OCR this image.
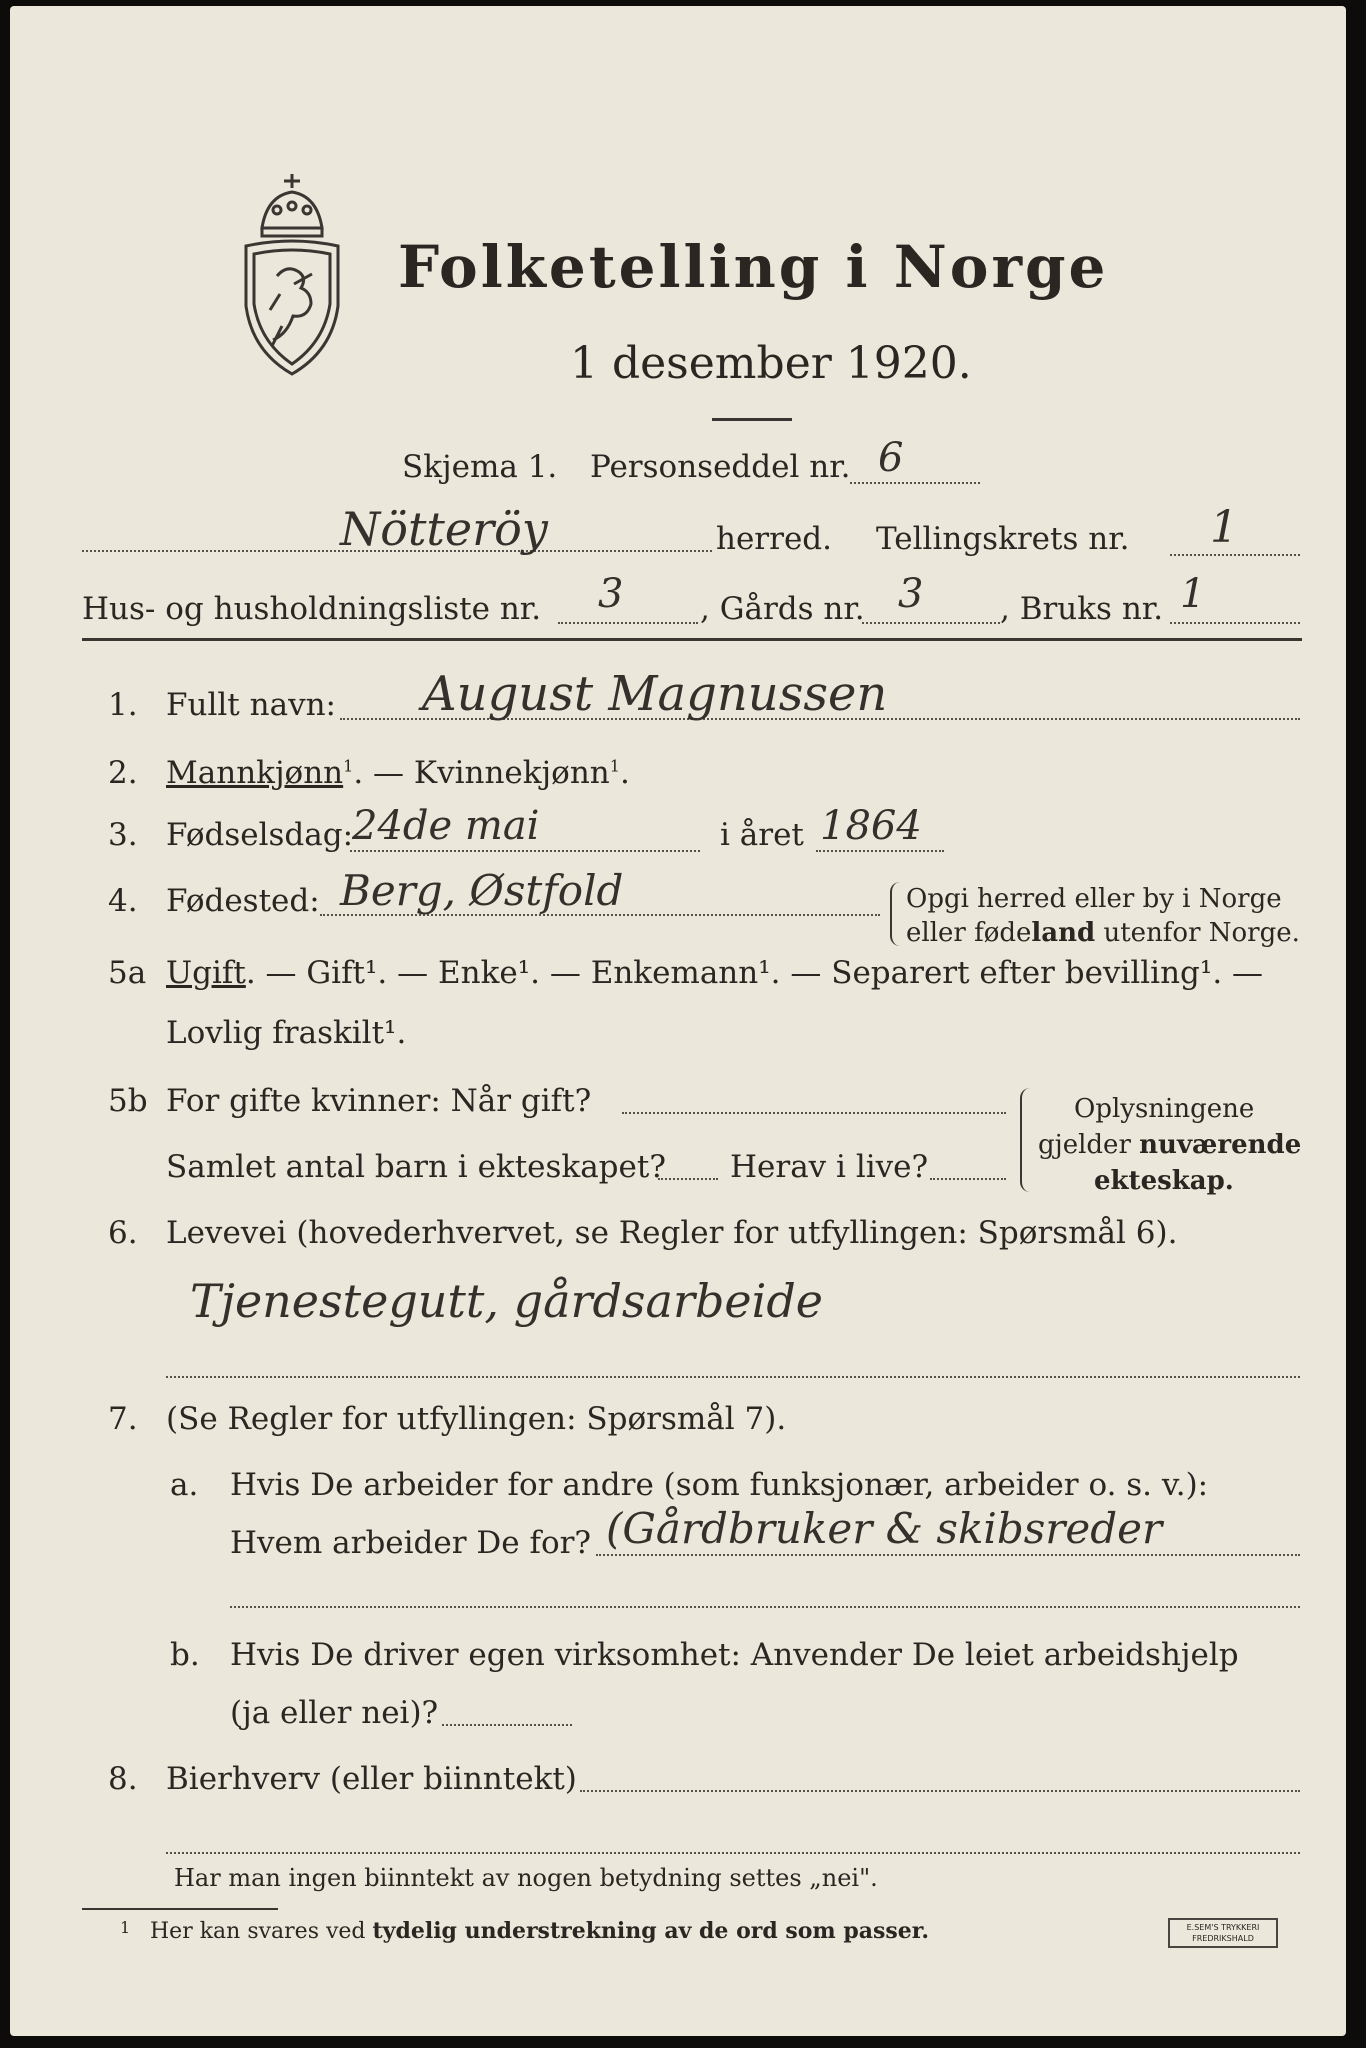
Folketelling i Norge
1 desember 1920.
Skjema 1. Personseddel nr. 6
Nötteröy	herred. Tellingskrets nr. 1
Hus- og husholdningsliste nr. 3 , Gårds nr. 3 , Bruks nr. 1
1. Fullt navn: August Magnussen
2. Mannkjønn$^1$. — Kvinnekjønn$^1$.
3. Fødselsdag:
24de mai	i året 1864
4. Fødested: Berg, Østfold	Opgi herred eller by i Norge
eller fødeland utenfor Norge.
5a Ugift. — Gift¹. — Enke¹. — Enkemann¹. — Separert efter bevilling¹. —
Lovlig fraskilt¹.
5b For gifte kvinner: Når gift?
Samlet antal barn i ekteskapet? Herav i live?
Oplysningene
gjelder nuværende
ekteskap.
6. Levevei (hovederhvervet, se Regler for utfyllingen: Spørsmål 6).
Tjenestegutt, gårdsarbeide
7. (Se Regler for utfyllingen: Spørsmål 7).
a. Hvis De arbeider for andre (som funksjonær, arbeider o. s. v.):
Hvem arbeider De for? (Gårdbruker & skibsreder
b. Hvis De driver egen virksomhet: Anvender De leiet arbeidshjelp
(ja eller nei)?
8. Bierhverv (eller biinntekt)
Har man ingen biinntekt av nogen betydning settes „nei".
1 Her kan svares ved tydelig understrekning av de ord som passer.	E.SEM'S TRYKKERI
FREDRIKSHALD
